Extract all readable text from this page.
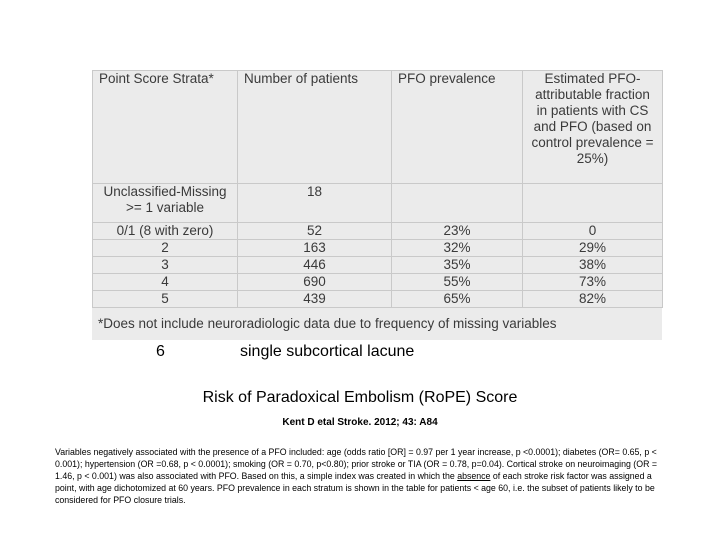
Point Score Strata*	Number of patients	PFO prevalence	Estimated PFO-attributable fraction in patients with CS and PFO (based on control prevalence = 25%)
Unclassified-Missing >= 1 variable	18		
0/1 (8 with zero)	52	23%	0
2	163	32%	29%
3	446	35%	38%
4	690	55%	73%
5	439	65%	82%
*Does not include neuroradiologic data due to frequency of missing variables
6	single subcortical lacune
Risk of Paradoxical Embolism (RoPE) Score
Kent D etal Stroke. 2012; 43: A84
Variables negatively associated with the presence of a PFO included: age (odds ratio [OR] = 0.97 per 1 year increase, p <0.0001); diabetes (OR= 0.65, p < 0.001); hypertension (OR =0.68, p < 0.0001); smoking (OR = 0.70, p<0.80); prior stroke or TIA (OR = 0.78, p=0.04). Cortical stroke on neuroimaging (OR = 1.46, p < 0.001) was also associated with PFO. Based on this, a simple index was created in which the absence of each stroke risk factor was assigned a point, with age dichotomized at 60 years. PFO prevalence in each stratum is shown in the table for patients < age 60, i.e. the subset of patients likely to be considered for PFO closure trials.
